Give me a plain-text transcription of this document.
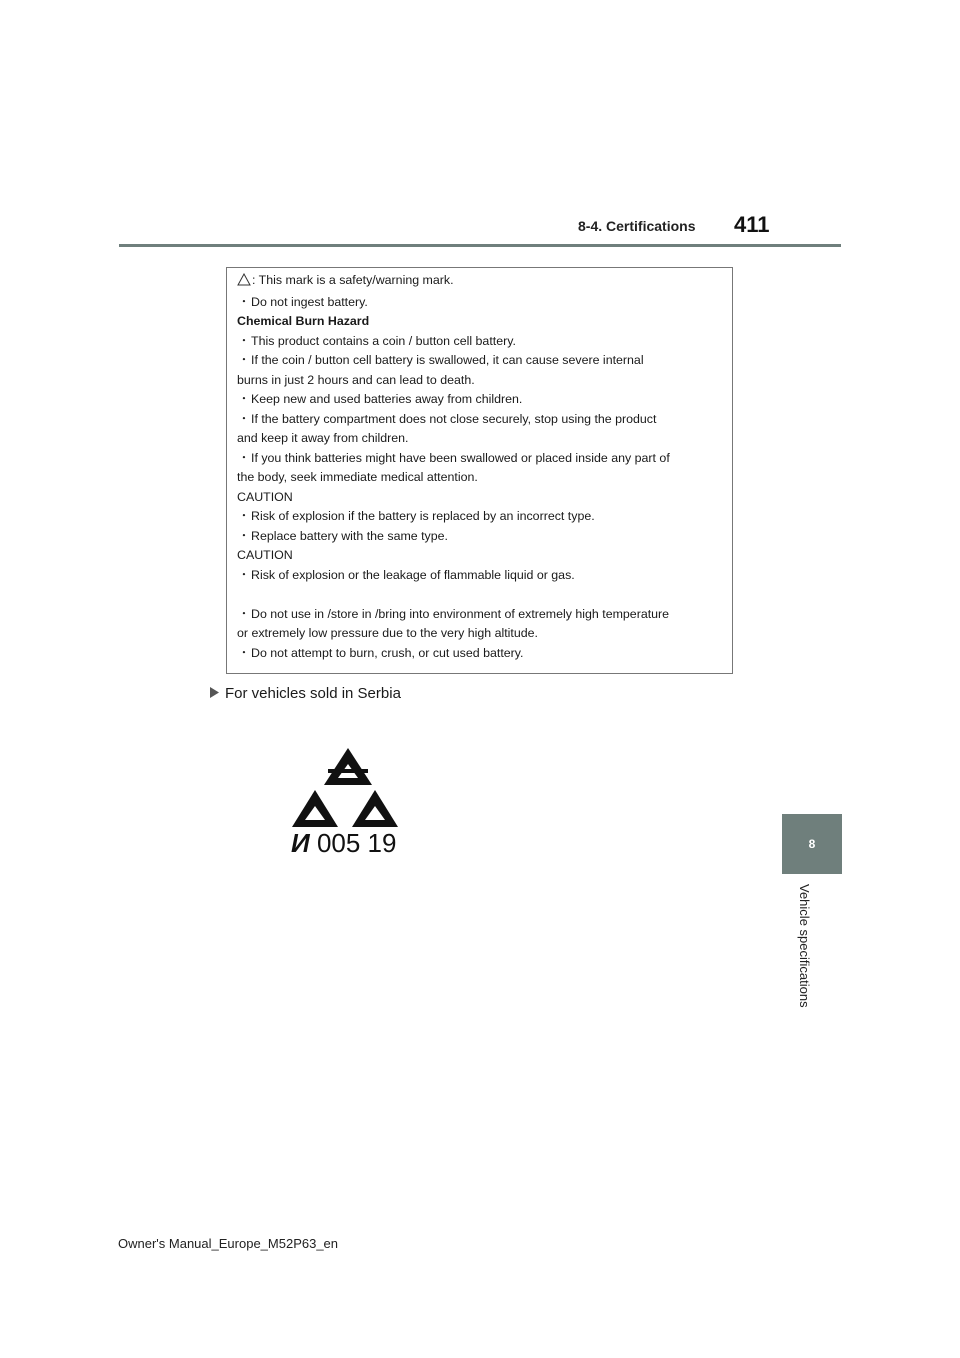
8-4. Certifications 411
8
Vehicle specifications
: This mark is a safety/warning mark.
・Do not ingest battery.
Chemical Burn Hazard
・This product contains a coin / button cell battery.
・If the coin / button cell battery is swallowed, it can cause severe internal
burns in just 2 hours and can lead to death.
・Keep new and used batteries away from children.
・If the battery compartment does not close securely, stop using the product
and keep it away from children.
・If you think batteries might have been swallowed or placed inside any part of
the body, seek immediate medical attention.
CAUTION
・Risk of explosion if the battery is replaced by an incorrect type.
・Replace battery with the same type.
CAUTION
・Risk of explosion or the leakage of flammable liquid or gas.
・Do not use in /store in /bring into environment of extremely high temperature
or extremely low pressure due to the very high altitude.
・Do not attempt to burn, crush, or cut used battery.
For vehicles sold in Serbia
И 005 19
Owner's Manual_Europe_M52P63_en
